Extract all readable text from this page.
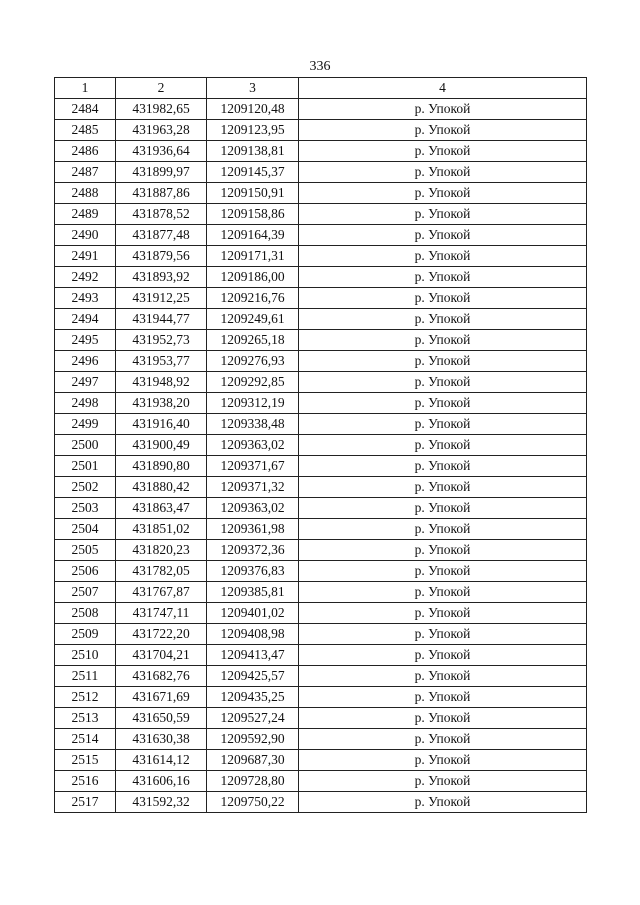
336
1	2	3	4
2484	431982,65	1209120,48	р. Упокой
2485	431963,28	1209123,95	р. Упокой
2486	431936,64	1209138,81	р. Упокой
2487	431899,97	1209145,37	р. Упокой
2488	431887,86	1209150,91	р. Упокой
2489	431878,52	1209158,86	р. Упокой
2490	431877,48	1209164,39	р. Упокой
2491	431879,56	1209171,31	р. Упокой
2492	431893,92	1209186,00	р. Упокой
2493	431912,25	1209216,76	р. Упокой
2494	431944,77	1209249,61	р. Упокой
2495	431952,73	1209265,18	р. Упокой
2496	431953,77	1209276,93	р. Упокой
2497	431948,92	1209292,85	р. Упокой
2498	431938,20	1209312,19	р. Упокой
2499	431916,40	1209338,48	р. Упокой
2500	431900,49	1209363,02	р. Упокой
2501	431890,80	1209371,67	р. Упокой
2502	431880,42	1209371,32	р. Упокой
2503	431863,47	1209363,02	р. Упокой
2504	431851,02	1209361,98	р. Упокой
2505	431820,23	1209372,36	р. Упокой
2506	431782,05	1209376,83	р. Упокой
2507	431767,87	1209385,81	р. Упокой
2508	431747,11	1209401,02	р. Упокой
2509	431722,20	1209408,98	р. Упокой
2510	431704,21	1209413,47	р. Упокой
2511	431682,76	1209425,57	р. Упокой
2512	431671,69	1209435,25	р. Упокой
2513	431650,59	1209527,24	р. Упокой
2514	431630,38	1209592,90	р. Упокой
2515	431614,12	1209687,30	р. Упокой
2516	431606,16	1209728,80	р. Упокой
2517	431592,32	1209750,22	р. Упокой
